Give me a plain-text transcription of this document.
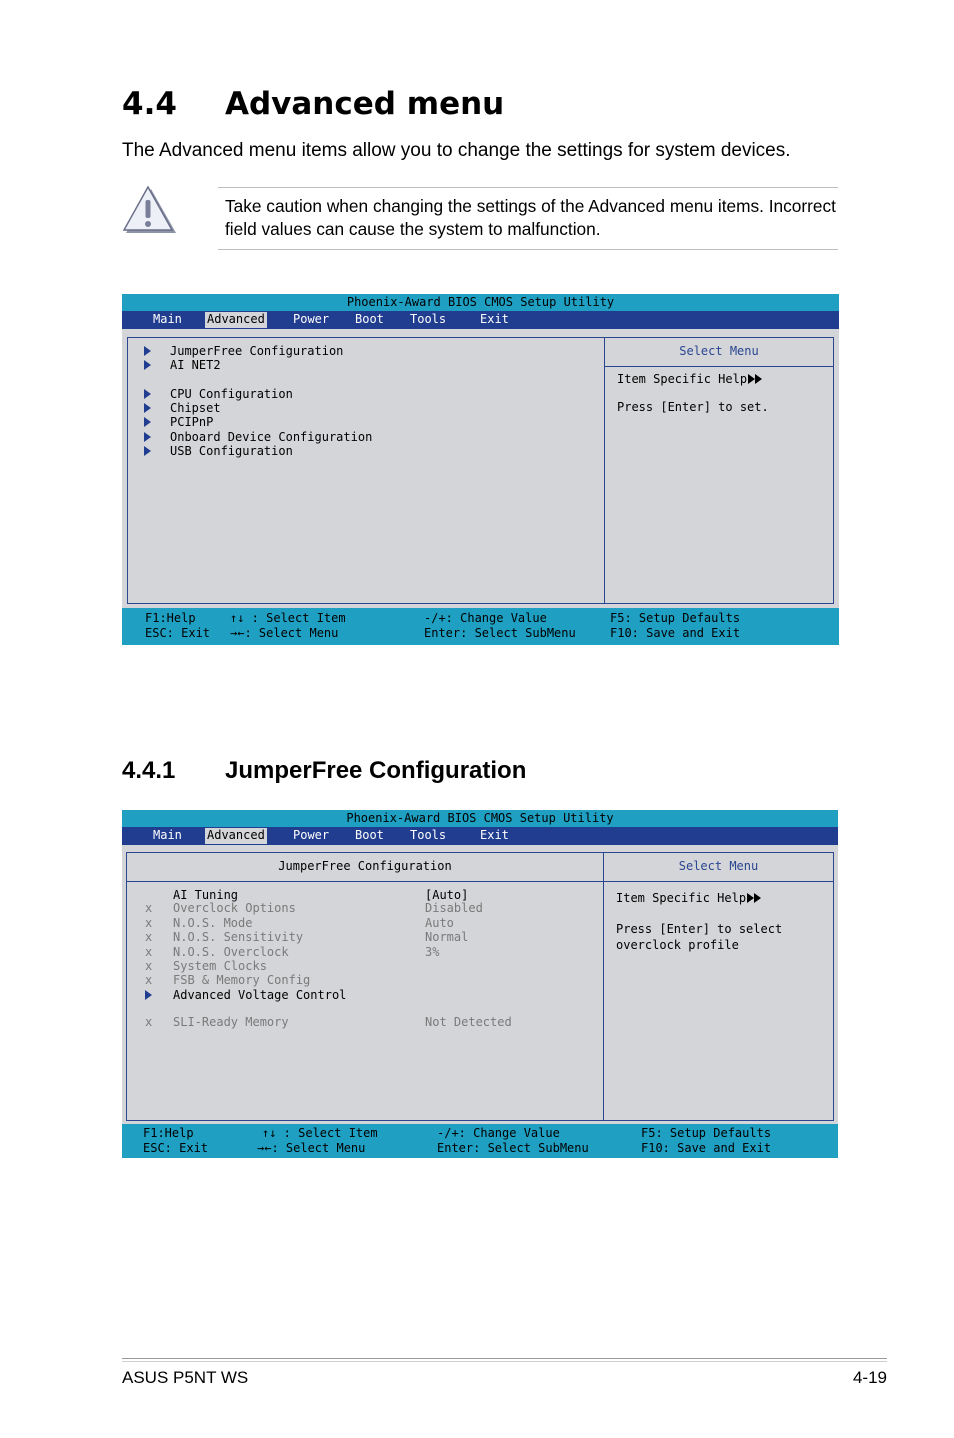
4.4 Advanced menu
The Advanced menu items allow you to change the settings for system devices.
Take caution when changing the settings of the Advanced menu items. Incorrect
field values can cause the system to malfunction.
Phoenix-Award BIOS CMOS Setup Utility
Main Advanced Power Boot Tools	Exit
Select Menu
JumperFree Configuration
AI NET2
CPU Configuration
Chipset
PCIPnP
Onboard Device Configuration
USB Configuration
Item Specific Help
Press [Enter] to set.
F1:Help
ESC: Exit
↑↓ : Select Item
→←: Select Menu
-/+: Change Value
Enter: Select SubMenu
F5: Setup Defaults
F10: Save and Exit
4.4.1 JumperFree Configuration
Phoenix-Award BIOS CMOS Setup Utility
Main Advanced Power Boot Tools	Exit
JumperFree Configuration	Select Menu
AI Tuning	[Auto]
x Overclock Options	Disabled
x N.O.S. Mode	Auto
x N.O.S. Sensitivity	Normal
x N.O.S. Overclock	3%
x System Clocks
x FSB & Memory Config
Advanced Voltage Control
x SLI-Ready Memory	Not Detected
Item Specific Help
Press [Enter] to select
overclock profile
F1:Help
ESC: Exit
↑↓ : Select Item
→←: Select Menu
-/+: Change Value
Enter: Select SubMenu
F5: Setup Defaults
F10: Save and Exit
ASUS P5NT WS	4-19
